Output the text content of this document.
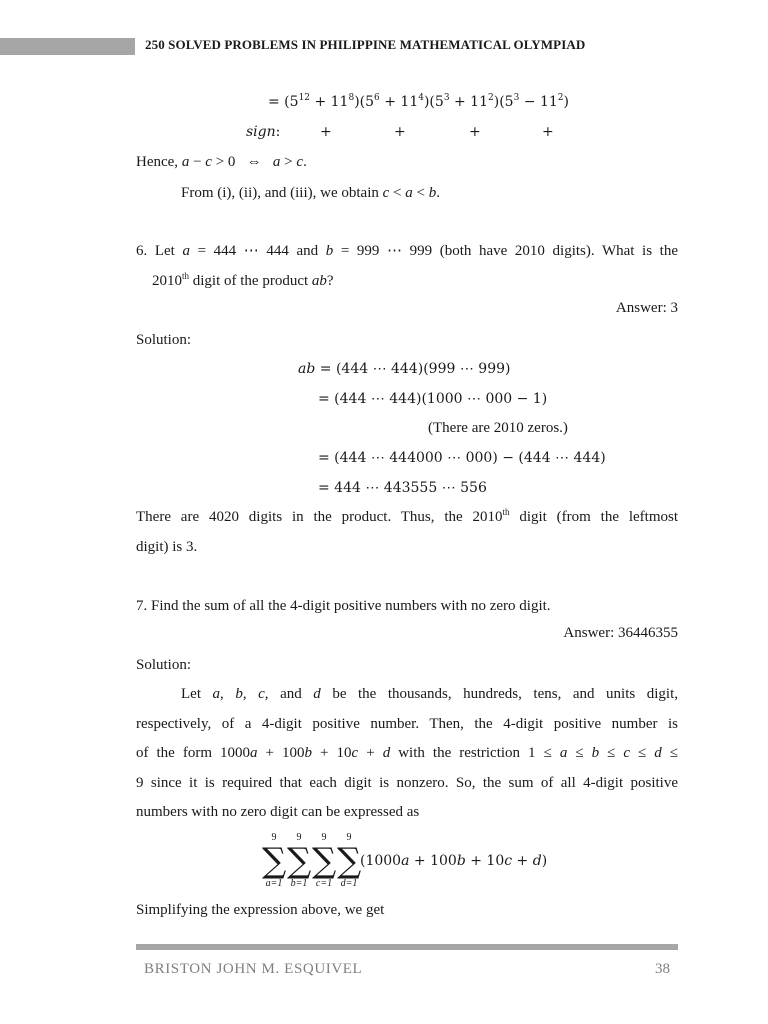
250 SOLVED PROBLEMS IN PHILIPPINE MATHEMATICAL OLYMPIAD
= $(5^{12} + 11^8)(5^6 + 11^4)(5^3 + 11^2)(5^3 - 11^2)$
sign:	+	+	+	+
Hence, a − c > 0   ⇔   a > c.
From (i), (ii), and (iii), we obtain c < a < b.
6. Let a = 444 ⋯ 444 and b = 999 ⋯ 999 (both have 2010 digits). What is the
2010th digit of the product ab?
Answer: 3
Solution:
ab = (444 ⋯ 444)(999 ⋯ 999)
= (444 ⋯ 444)(1000 ⋯ 000 − 1)
(There are 2010 zeros.)
= (444 ⋯ 444000 ⋯ 000) − (444 ⋯ 444)
= 444 ⋯ 443555 ⋯ 556
There are 4020 digits in the product. Thus, the 2010th digit (from the leftmost
digit) is 3.
7. Find the sum of all the 4-digit positive numbers with no zero digit.
Answer: 36446355
Solution:
Let a, b, c, and d be the thousands, hundreds, tens, and units digit,
respectively, of a 4-digit positive number. Then, the 4-digit positive number is
of the form 1000a + 100b + 10c + d with the restriction 1 ≤ a ≤ b ≤ c ≤ d ≤
9 since it is required that each digit is nonzero. So, the sum of all 4-digit positive
numbers with no zero digit can be expressed as
9
∑
a=1
9
∑
b=1
9
∑
c=1
9
∑
d=1
(1000a + 100b + 10c + d)
Simplifying the expression above, we get
BRISTON JOHN M. ESQUIVEL	38
